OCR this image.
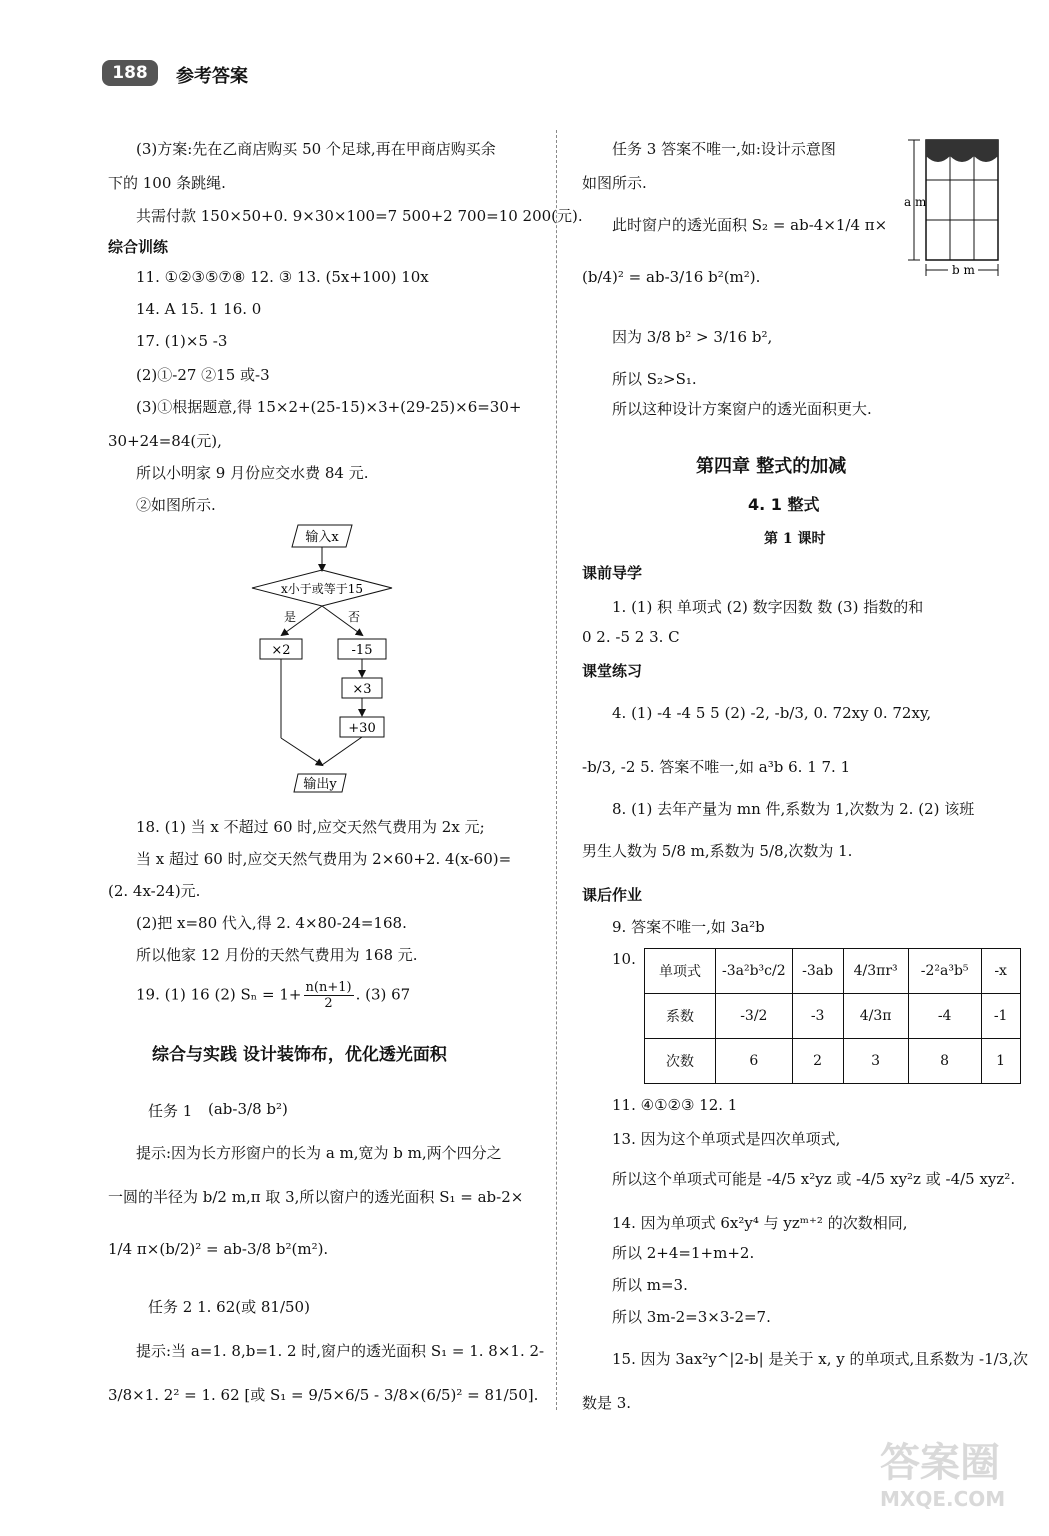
188	参考答案
(3)方案:先在乙商店购买 50 个足球,再在甲商店购买余
下的 100 条跳绳.
共需付款 150×50+0. 9×30×100=7 500+2 700=10 200(元).
综合训练
11. ①②③⑤⑦⑧ 12. ③ 13. (5x+100) 10x
14. A 15. 1 16. 0
17. (1)×5 -3
(2)①-27 ②15 或-3
(3)①根据题意,得 15×2+(25-15)×3+(29-25)×6=30+
30+24=84(元),
所以小明家 9 月份应交水费 84 元.
②如图所示.
输入x
x小于或等于15
是	否
×2	-15
×3
+30
输出y
18. (1) 当 x 不超过 60 时,应交天然气费用为 2x 元;
当 x 超过 60 时,应交天然气费用为 2×60+2. 4(x-60)=
(2. 4x-24)元.
(2)把 x=80 代入,得 2. 4×80-24=168.
所以他家 12 月份的天然气费用为 168 元.
19. (1) 16 (2) $S_n = 1+ \frac{n(n+1)}{2}$ . (3) 67
综合与实践 设计装饰布，优化透光面积
任务 1 (ab-3/8 b²)
提示:因为长方形窗户的长为 a m,宽为 b m,两个四分之
一圆的半径为 b/2 m,π 取 3,所以窗户的透光面积 S₁ = ab-2×
1/4 π×(b/2)² = ab-3/8 b²(m²).
任务 2 1. 62(或 81/50)
提示:当 a=1. 8,b=1. 2 时,窗户的透光面积 S₁ = 1. 8×1. 2-
3/8×1. 2² = 1. 62 [或 S₁ = 9/5×6/5 - 3/8×(6/5)² = 81/50].
任务 3 答案不唯一,如:设计示意图
如图所示.
此时窗户的透光面积 S₂ = ab-4×1/4 π×
(b/4)² = ab-3/16 b²(m²).
因为 3/8 b² > 3/16 b²,
所以 S₂>S₁.
所以这种设计方案窗户的透光面积更大.
a m
b m
第四章 整式的加减
4. 1 整式
第 1 课时
课前导学
1. (1) 积 单项式 (2) 数字因数 数 (3) 指数的和
0 2. -5 2 3. C
课堂练习
4. (1) -4 -4 5 5 (2) -2, -b/3, 0. 72xy 0. 72xy,
-b/3, -2 5. 答案不唯一,如 a³b 6. 1 7. 1
8. (1) 去年产量为 mn 件,系数为 1,次数为 2. (2) 该班
男生人数为 5/8 m,系数为 5/8,次数为 1.
课后作业
9. 答案不唯一,如 3a²b
10.
单项式	-3a²b³c/2	-3ab	4/3πr³	-2²a³b⁵	-x
系数	-3/2	-3	4/3π	-4	-1
次数	6	2	3	8	1
11. ④①②③ 12. 1
13. 因为这个单项式是四次单项式,
所以这个单项式可能是 -4/5 x²yz 或 -4/5 xy²z 或 -4/5 xyz².
14. 因为单项式 6x²y⁴ 与 yzᵐ⁺² 的次数相同,
所以 2+4=1+m+2.
所以 m=3.
所以 3m-2=3×3-2=7.
15. 因为 3ax²y^|2-b| 是关于 x, y 的单项式,且系数为 -1/3,次
数是 3.
答案圈
MXQE.COM
